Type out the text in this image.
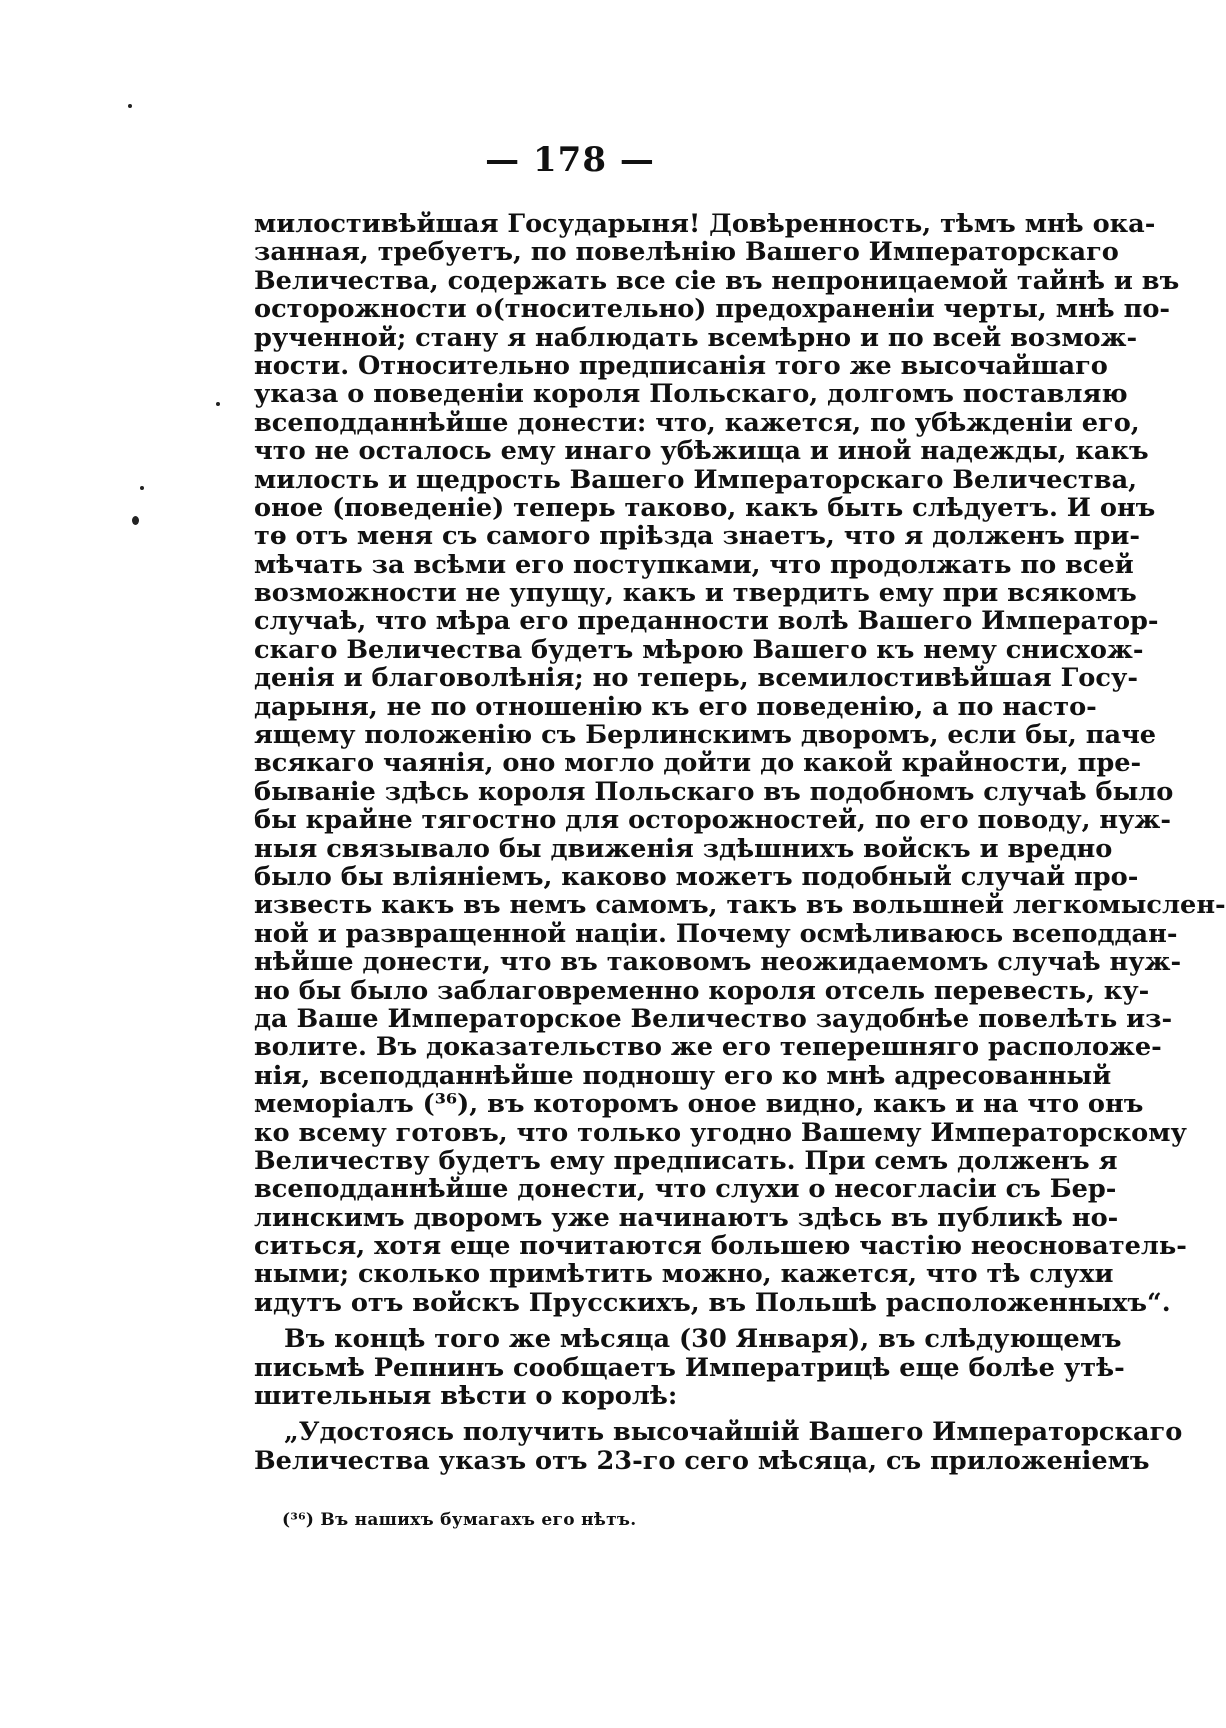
— 178 —
милостивѣйшая Государыня! Довѣренность, тѣмъ мнѣ ока-
занная, требуетъ, по повелѣнію Вашего Императорскаго
Величества, содержать все сіе въ непроницаемой тайнѣ и въ
осторожности о(тносительно) предохраненіи черты, мнѣ по-
рученной; стану я наблюдать всемѣрно и по всей возмож-
ности. Относительно предписанія того же высочайшаго
указа о поведеніи короля Польскаго, долгомъ поставляю
всеподданнѣйше донести: что, кажется, по убѣжденіи его,
что не осталось ему инаго убѣжища и иной надежды, какъ
милость и щедрость Вашего Императорскаго Величества,
оное (поведеніе) теперь таково, какъ быть слѣдуетъ. И онъ
тѳ отъ меня съ самого пріѣзда знаетъ, что я долженъ при-
мѣчать за всѣми его поступками, что продолжать по всей
возможности не упущу, какъ и твердить ему при всякомъ
случаѣ, что мѣра его преданности волѣ Вашего Император-
скаго Величества будетъ мѣрою Вашего къ нему снисхож-
денія и благоволѣнія; но теперь, всемилостивѣйшая Госу-
дарыня, не по отношенію къ его поведенію, а по насто-
ящему положенію съ Берлинскимъ дворомъ, если бы, паче
всякаго чаянія, оно могло дойти до какой крайности, пре-
бываніе здѣсь короля Польскаго въ подобномъ случаѣ было
бы крайне тягостно для осторожностей, по его поводу, нуж-
ныя связывало бы движенія здѣшнихъ войскъ и вредно
было бы вліяніемъ, каково можетъ подобный случай про-
известь какъ въ немъ самомъ, такъ въ вольшней легкомыслен-
ной и развращенной націи. Почему осмѣливаюсь всеподдан-
нѣйше донести, что въ таковомъ неожидаемомъ случаѣ нуж-
но бы было заблаговременно короля отсель перевесть, ку-
да Ваше Императорское Величество заудобнѣе повелѣть из-
волите. Въ доказательство же его теперешняго расположе-
нія, всеподданнѣйше подношу его ко мнѣ адресованный
меморіалъ (³⁶), въ которомъ оное видно, какъ и на что онъ
ко всему готовъ, что только угодно Вашему Императорскому
Величеству будетъ ему предписать. При семъ долженъ я
всеподданнѣйше донести, что слухи о несогласіи съ Бер-
линскимъ дворомъ уже начинаютъ здѣсь въ публикѣ но-
ситься, хотя еще почитаются большею частію неоснователь-
ными; сколько примѣтить можно, кажется, что тѣ слухи
идутъ отъ войскъ Прусскихъ, въ Польшѣ расположенныхъ“.
Въ концѣ того же мѣсяца (30 Января), въ слѣдующемъ
письмѣ Репнинъ сообщаетъ Императрицѣ еще болѣе утѣ-
шительныя вѣсти о королѣ:
„Удостоясь получить высочайшій Вашего Императорскаго
Величества указъ отъ 23-го сего мѣсяца, съ приложеніемъ
(³⁶) Въ нашихъ бумагахъ его нѣтъ.
